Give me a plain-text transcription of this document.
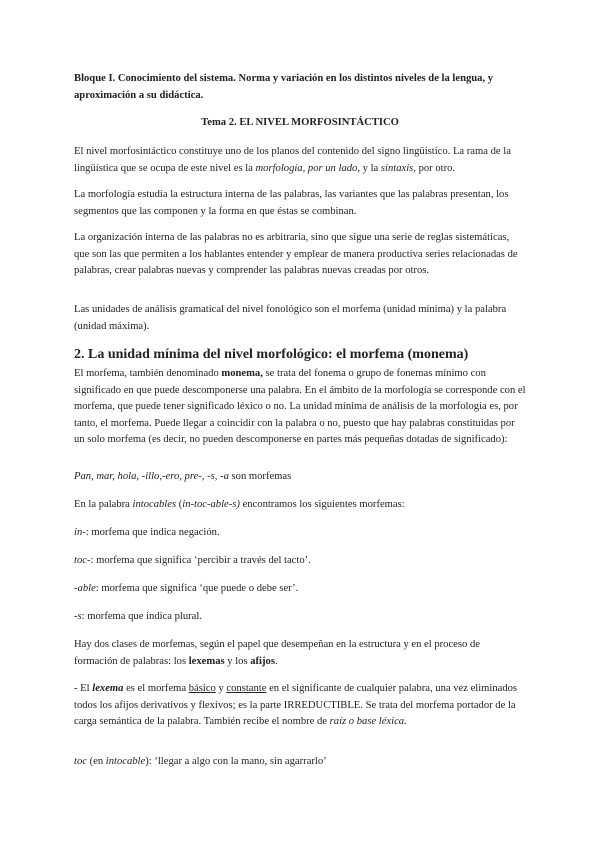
Bloque I. Conocimiento del sistema. Norma y variación en los distintos niveles de la lengua, y aproximación a su didáctica.

Tema 2. EL NIVEL MORFOSINTÁCTICO

El nivel morfosintáctico constituye uno de los planos del contenido del signo lingüístico. La rama de la lingüística que se ocupa de este nivel es la morfología, por un lado, y la sintaxis, por otro.

La morfología estudia la estructura interna de las palabras, las variantes que las palabras presentan, los segmentos que las componen y la forma en que éstas se combinan.

La organización interna de las palabras no es arbitraria, sino que sigue una serie de reglas sistemáticas, que son las que permiten a los hablantes entender y emplear de manera productiva series relacionadas de palabras, crear palabras nuevas y comprender las palabras nuevas creadas por otros.

Las unidades de análisis gramatical del nivel fonológico son el morfema (unidad mínima) y la palabra (unidad máxima).

2. La unidad mínima del nivel morfológico: el morfema (monema)

El morfema, también denominado monema, se trata del fonema o grupo de fonemas mínimo con significado en que puede descomponerse una palabra. En el ámbito de la morfología se corresponde con el morfema, que puede tener significado léxico o no. La unidad mínima de análisis de la morfología es, por tanto, el morfema. Puede llegar a coincidir con la palabra o no, puesto que hay palabras constituidas por un solo morfema (es decir, no pueden descomponerse en partes más pequeñas dotadas de significado):

Pan, mar, hola, -illo,-ero, pre-, -s, -a son morfemas

En la palabra intocables (in-toc-able-s) encontramos los siguientes morfemas:

in-: morfema que indica negación.

toc-: morfema que significa ‘percibir a través del tacto’.

-able: morfema que significa ‘que puede o debe ser’.

-s: morfema que indica plural.

Hay dos clases de morfemas, según el papel que desempeñan en la estructura y en el proceso de formación de palabras: los lexemas y los afijos.

- El lexema es el morfema básico y constante en el significante de cualquier palabra, una vez eliminados todos los afijos derivativos y flexivos; es la parte IRREDUCTIBLE. Se trata del morfema portador de la carga semántica de la palabra. También recibe el nombre de raíz o base léxica.

toc (en intocable): ‘llegar a algo con la mano, sin agarrarlo’
